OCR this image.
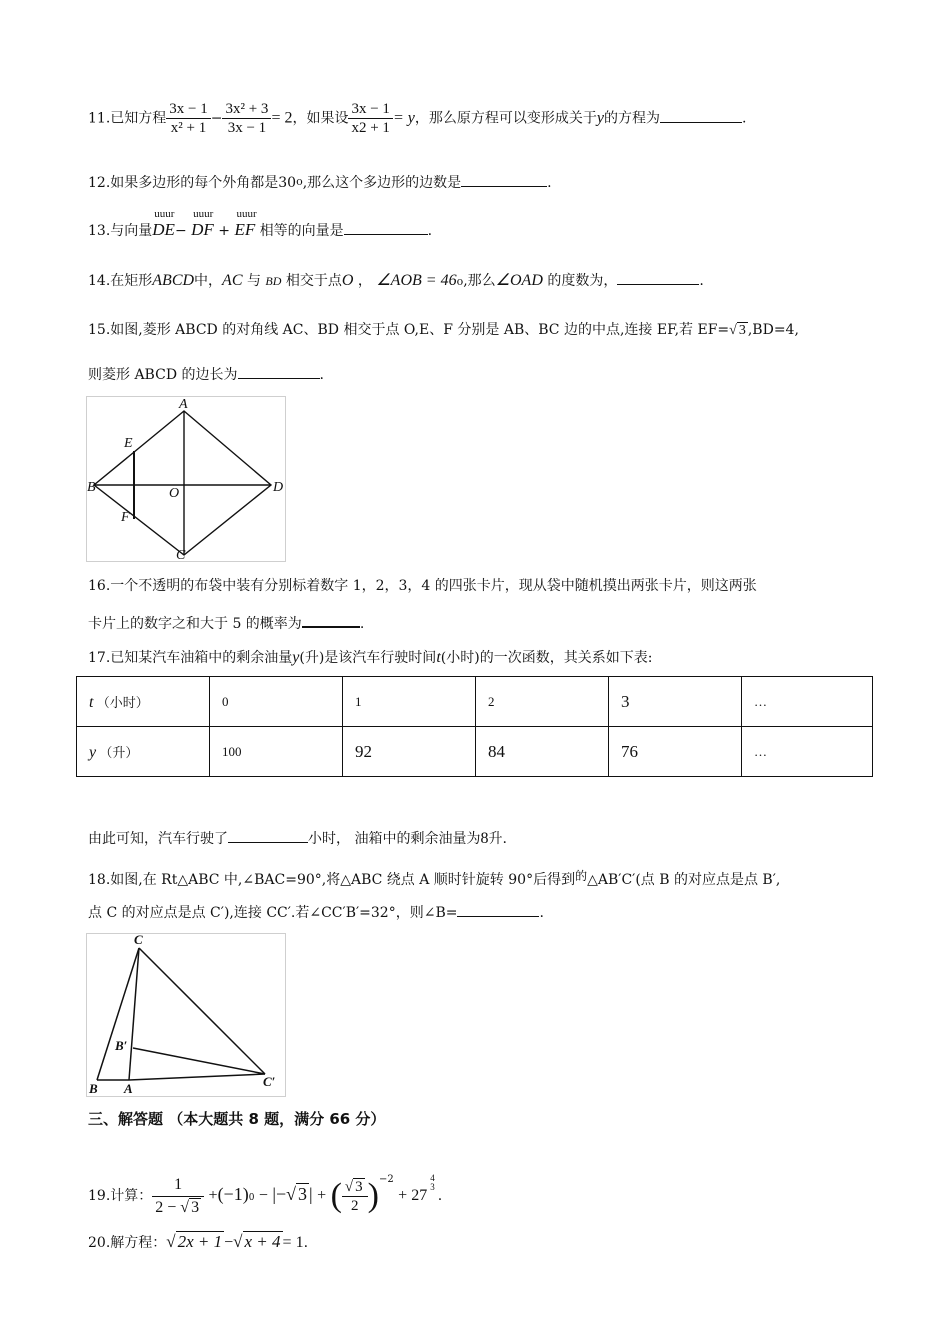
11.已知方程 $\frac{3x - 1}{\text{x² + 1}} - \frac{\text{3x² + 3}}{3x - 1} = 2$，如果设 $\frac{3x - 1}{x2 + 1} = y$，那么原方程可以变形成关于y的方程为	.
12.如果多边形的每个外角都是30o,那么这个多边形的边数是	.
13.与向量
uuur
DE−
uuur
DF +
uuur
EF 相等的向量是	.
14.在矩形ABCD中，AC 与 BD 相交于点O ， ∠AOB = 46o,那么∠OAD 的度数为，	.
15.如图,菱形 ABCD 的对角线 AC、BD 相交于点 O,E、F 分别是 AB、BC 边的中点,连接 EF,若 EF=√ 3 ,BD=4,
则菱形 ABCD 的边长为	.
A
B
C
D
E
F
O
16.一个不透明的布袋中装有分别标着数字 1，2，3，4 的四张卡片，现从袋中随机摸出两张卡片，则这两张
卡片上的数字之和大于 5 的概率为	.
17.已知某汽车油箱中的剩余油量y(升)是该汽车行驶时间t(小时)的一次函数，其关系如下表:
t （小时）	0	1	2	3	…
y （升）	100	92	84	76	…
由此可知，汽车行驶了	小时， 油箱中的剩余油量为8升.
18.如图,在 Rt△ABC 中,∠BAC=90°,将△ABC 绕点 A 顺时针旋转 90°后得到的△AB′C′(点 B 的对应点是点 B′,
点 C 的对应点是点 C′),连接 CC′.若∠CC′B′=32°，则∠B=	.
C
B′
B A	C′
三、解答题 （本大题共 8 题，满分 66 分）
19.计算： $\frac{1}{2 - √ 3} +(-1)0$ − |−√ 3 | + ( $\frac{√ 3}{2} )^{-2} + 27$
4
3
.
20.解方程：√ 2x + 1 −√ x + 4 = 1.
